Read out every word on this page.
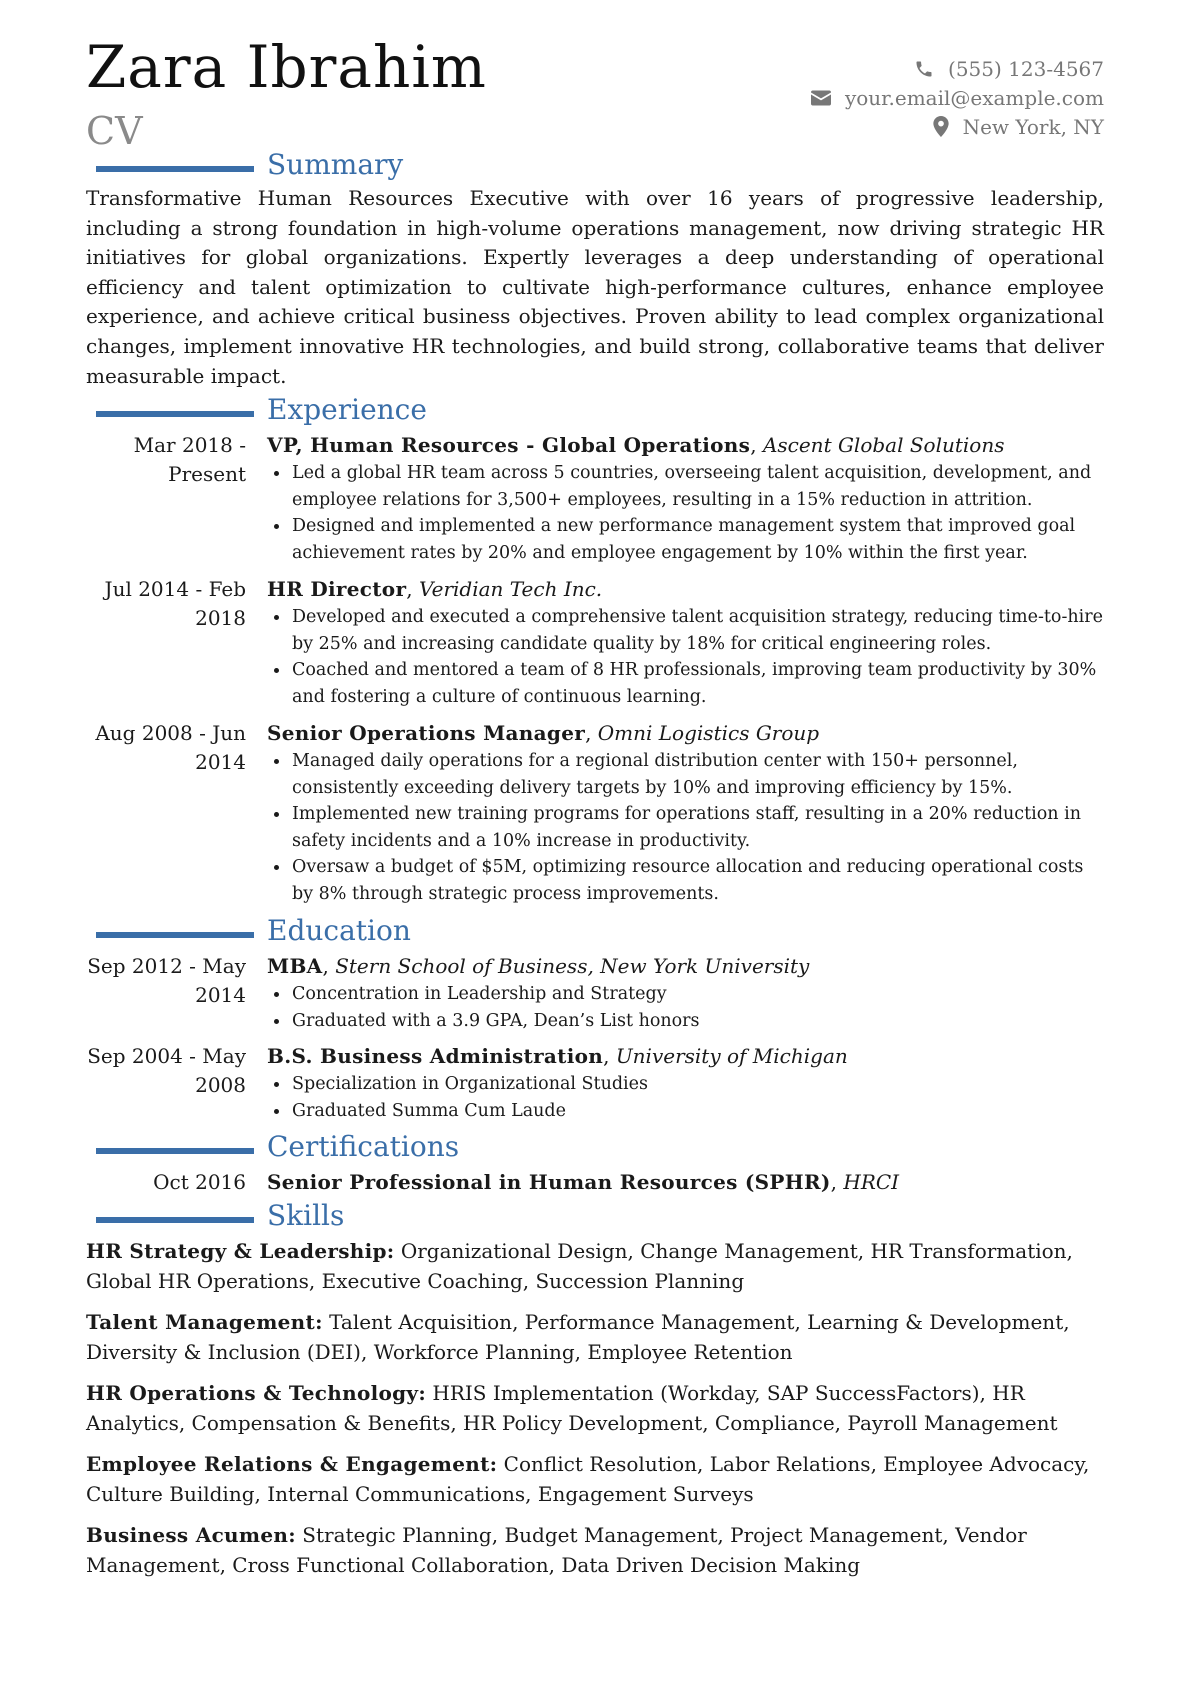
Zara Ibrahim
CV
(555) 123-4567
your.email@example.com
New York, NY
Summary

Transformative Human Resources Executive with over 16 years of progressive leadership, including a strong foundation in high-volume operations management, now driving strategic HR initiatives for global organizations. Expertly leverages a deep understanding of operational efficiency and talent optimization to cultivate high-performance cultures, enhance employee experience, and achieve critical business objectives. Proven ability to lead complex organizational changes, implement innovative HR technologies, and build strong, collaborative teams that deliver measurable impact.

Experience
Mar 2018 -
Present
VP, Human Resources - Global Operations, Ascent Global Solutions
Led a global HR team across 5 countries, overseeing talent acquisition, development, and employee relations for 3,500+ employees, resulting in a 15% reduction in attrition.
Designed and implemented a new performance management system that improved goal achievement rates by 20% and employee engagement by 10% within the first year.
Jul 2014 - Feb
2018
HR Director, Veridian Tech Inc.
Developed and executed a comprehensive talent acquisition strategy, reducing time-to-hire by 25% and increasing candidate quality by 18% for critical engineering roles.
Coached and mentored a team of 8 HR professionals, improving team productivity by 30% and fostering a culture of continuous learning.
Aug 2008 - Jun
2014
Senior Operations Manager, Omni Logistics Group
Managed daily operations for a regional distribution center with 150+ personnel, consistently exceeding delivery targets by 10% and improving efficiency by 15%.
Implemented new training programs for operations staff, resulting in a 20% reduction in safety incidents and a 10% increase in productivity.
Oversaw a budget of $5M, optimizing resource allocation and reducing operational costs by 8% through strategic process improvements.
Education
Sep 2012 - May
2014
MBA, Stern School of Business, New York University
Concentration in Leadership and Strategy
Graduated with a 3.9 GPA, Dean’s List honors
Sep 2004 - May
2008
B.S. Business Administration, University of Michigan
Specialization in Organizational Studies
Graduated Summa Cum Laude
Certifications
Oct 2016	Senior Professional in Human Resources (SPHR), HRCI
Skills
HR Strategy & Leadership: Organizational Design, Change Management, HR Transformation, Global HR Operations, Executive Coaching, Succession Planning
Talent Management: Talent Acquisition, Performance Management, Learning & Development, Diversity & Inclusion (DEI), Workforce Planning, Employee Retention
HR Operations & Technology: HRIS Implementation (Workday, SAP SuccessFactors), HR Analytics, Compensation & Benefits, HR Policy Development, Compliance, Payroll Management
Employee Relations & Engagement: Conflict Resolution, Labor Relations, Employee Advocacy, Culture Building, Internal Communications, Engagement Surveys
Business Acumen: Strategic Planning, Budget Management, Project Management, Vendor Management, Cross Functional Collaboration, Data Driven Decision Making
